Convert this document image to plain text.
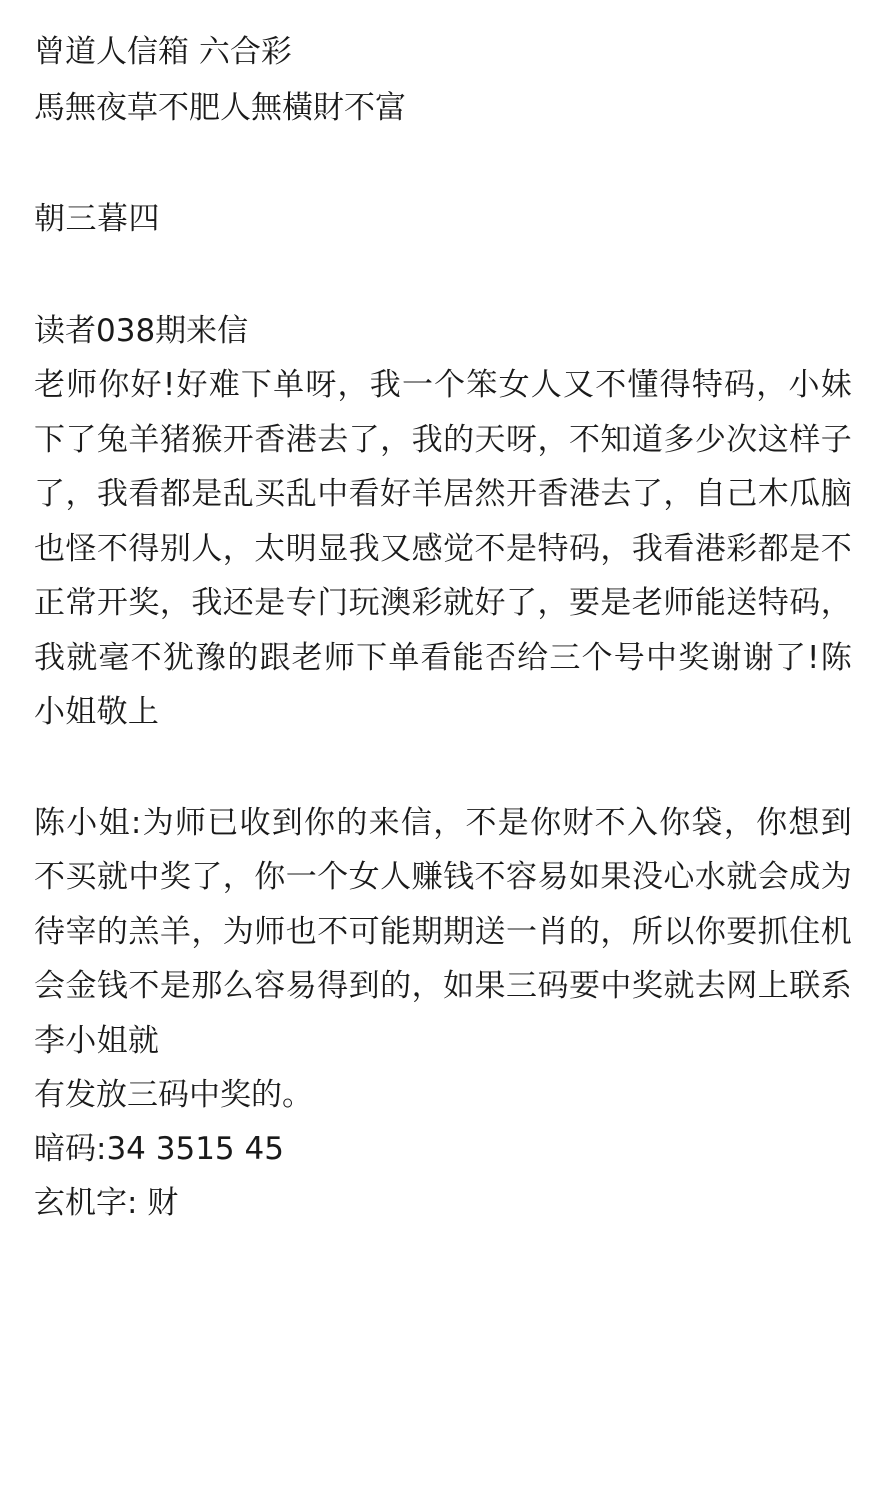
曾道人信箱 六合彩
馬無夜草不肥人無橫財不富
朝三暮四
读者038期来信
老师你好!好难下单呀，我一个笨女人又不懂得特码，小妹下了兔羊猪猴开香港去了，我的天呀，不知道多少次这样子 了，我看都是乱买乱中看好羊居然开香港去了，自己木瓜脑 也怪不得别人，太明显我又感觉不是特码，我看港彩都是不正常开奖，我还是专门玩澳彩就好了，要是老师能送特码， 我就毫不犹豫的跟老师下单看能否给三个号中奖谢谢了!陈小姐敬上
陈小姐:为师已收到你的来信，不是你财不入你袋，你想到不买就中奖了，你一个女人赚钱不容易如果没心水就会成为待宰的羔羊，为师也不可能期期送一肖的，所以你要抓住机会金钱不是那么容易得到的，如果三码要中奖就去网上联系李小姐就
有发放三码中奖的。
暗码:34 3515 45
玄机字: 财
